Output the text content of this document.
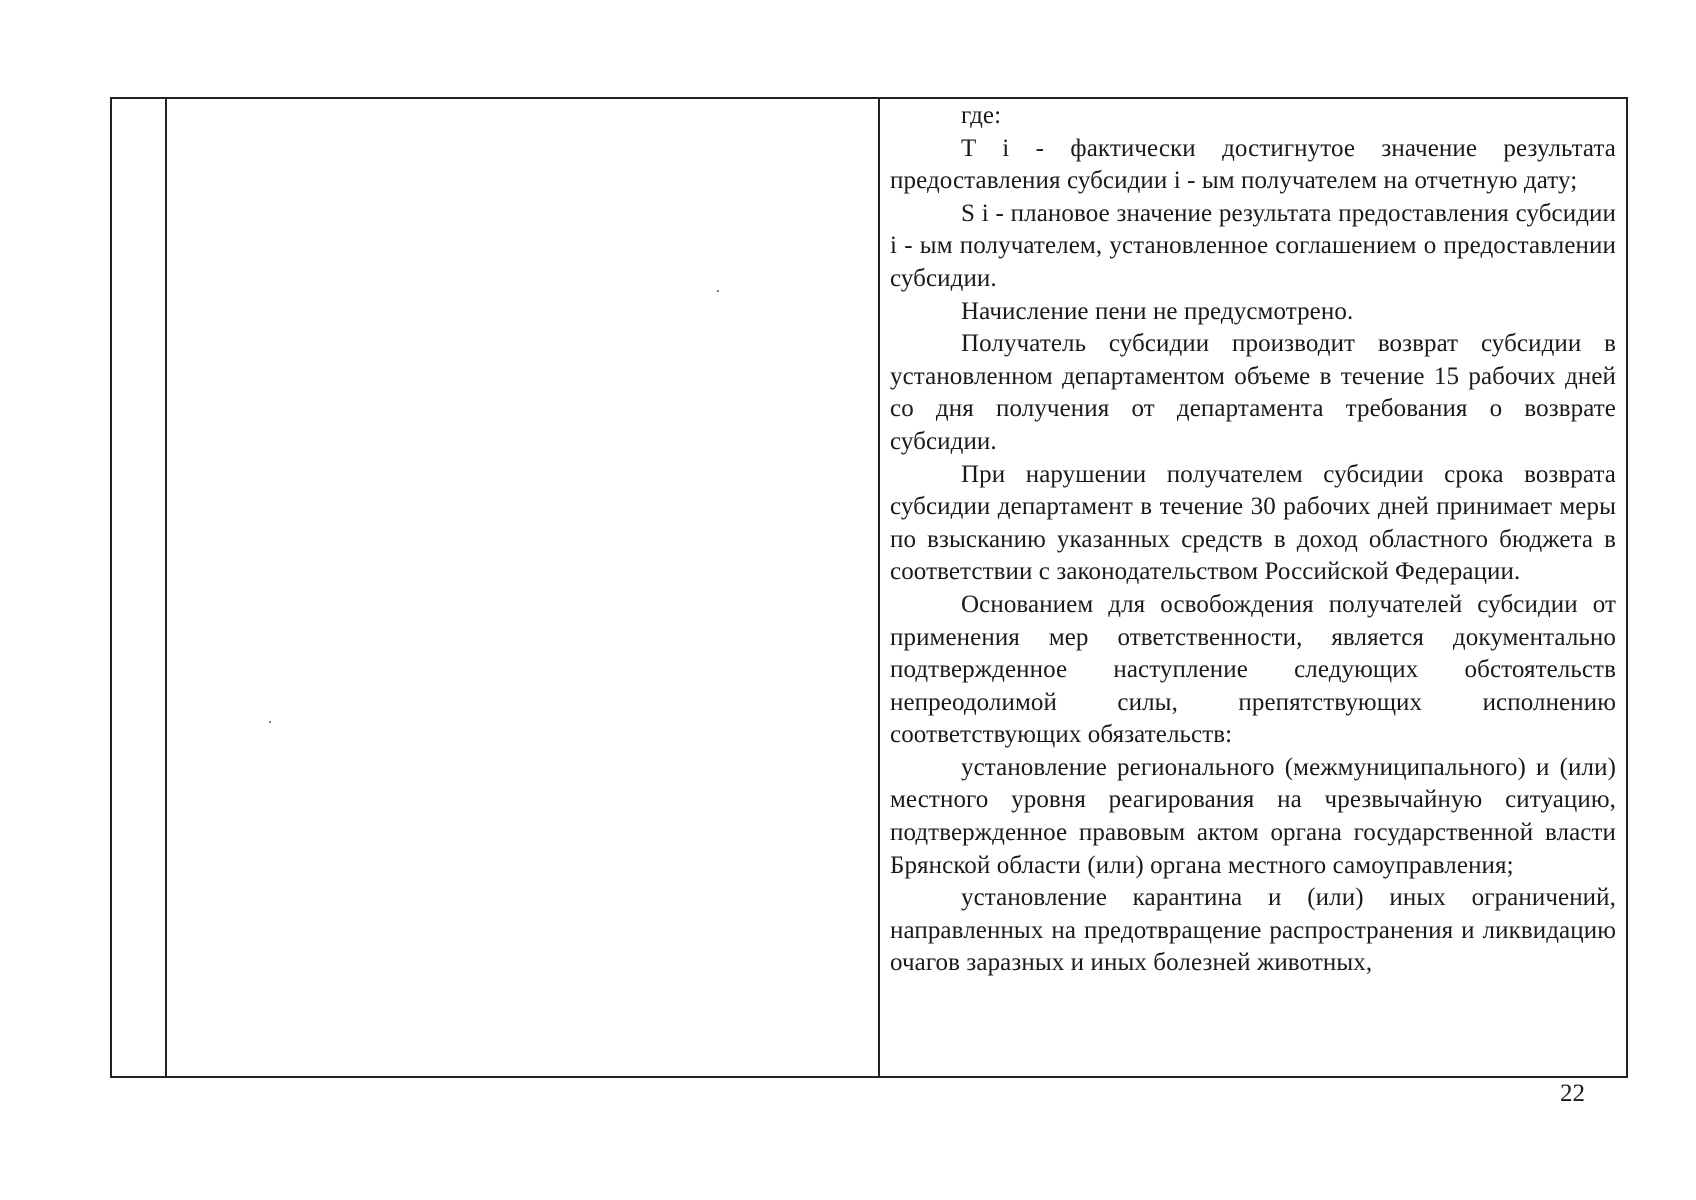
где:

T i - фактически достигнутое значение результата предоставления субсидии i - ым получателем на отчетную дату;

S i - плановое значение результата предоставления субсидии i - ым получателем, установленное соглашением о предоставлении субсидии.

Начисление пени не предусмотрено.

Получатель субсидии производит возврат субсидии в установленном департаментом объеме в течение 15 рабочих дней со дня получения от департамента требования о возврате субсидии.

При нарушении получателем субсидии срока возврата субсидии департамент в течение 30 рабочих дней принимает меры по взысканию указанных средств в доход областного бюджета в соответствии с законодательством Российской Федерации.

Основанием для освобождения получателей субсидии от применения мер ответственности, является документально подтвержденное наступление следующих обстоятельств непреодолимой силы, препятствующих исполнению соответствующих обязательств:

установление регионального (межмуниципального) и (или) местного уровня реагирования на чрезвычайную ситуацию, подтвержденное правовым актом органа государственной власти Брянской области (или) органа местного самоуправления;

установление карантина и (или) иных ограничений, направленных на предотвращение распространения и ликвидацию очагов заразных и иных болезней животных,

22
